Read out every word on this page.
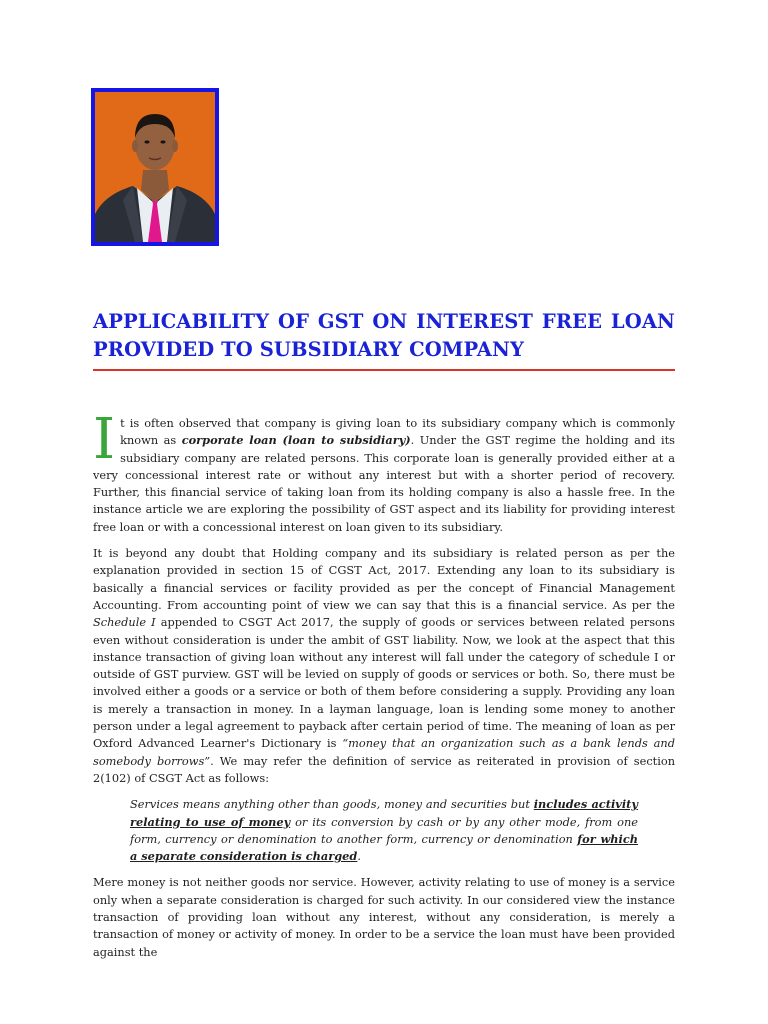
APPLICABILITY OF GST ON INTEREST FREE LOAN PROVIDED TO SUBSIDIARY COMPANY

It is often observed that company is giving loan to its subsidiary company which is commonly known as corporate loan (loan to subsidiary). Under the GST regime the holding and its subsidiary company are related persons. This corporate loan is generally provided either at a very concessional interest rate or without any interest but with a shorter period of recovery. Further, this financial service of taking loan from its holding company is also a hassle free. In the instance article we are exploring the possibility of GST aspect and its liability for providing interest free loan or with a concessional interest on loan given to its subsidiary.

It is beyond any doubt that Holding company and its subsidiary is related person as per the explanation provided in section 15 of CGST Act, 2017. Extending any loan to its subsidiary is basically a financial services or facility provided as per the concept of Financial Management Accounting. From accounting point of view we can say that this is a financial service. As per the Schedule I appended to CSGT Act 2017, the supply of goods or services between related persons even without consideration is under the ambit of GST liability. Now, we look at the aspect that this instance transaction of giving loan without any interest will fall under the category of schedule I or outside of GST purview. GST will be levied on supply of goods or services or both. So, there must be involved either a goods or a service or both of them before considering a supply. Providing any loan is merely a transaction in money. In a layman language, loan is lending some money to another person under a legal agreement to payback after certain period of time. The meaning of loan as per Oxford Advanced Learner's Dictionary is “money that an organization such as a bank lends and somebody borrows”. We may refer the definition of service as reiterated in provision of section 2(102) of CSGT Act as follows:

Services means anything other than goods, money and securities but includes activity relating to use of money or its conversion by cash or by any other mode, from one form, currency or denomination to another form, currency or denomination for which a separate consideration is charged.

Mere money is not neither goods nor service. However, activity relating to use of money is a service only when a separate consideration is charged for such activity. In our considered view the instance transaction of providing loan without any interest, without any consideration, is merely a transaction of money or activity of money. In order to be a service the loan must have been provided against the
